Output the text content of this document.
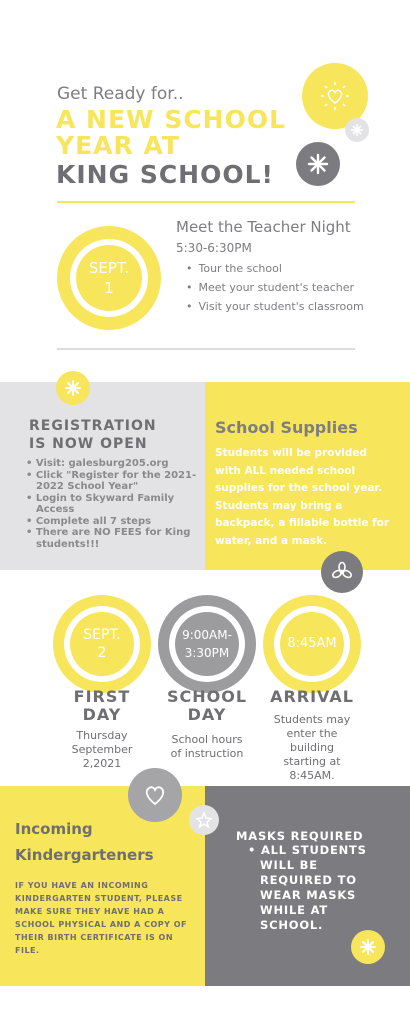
Get Ready for..
A NEW SCHOOL
YEAR AT
KING SCHOOL!
SEPT.
1
Meet the Teacher Night
5:30-6:30PM
• Tour the school
• Meet your student's teacher
• Visit your student's classroom
REGISTRATION
IS NOW OPEN
• Visit: galesburg205.org
• Click "Register for the 2021-2022 School Year"
• Login to Skyward Family Access
• Complete all 7 steps
• There are NO FEES for King students!!!
School Supplies
Students will be provided with ALL needed school supplies for the school year. Students may bring a backpack, a fillable bottle for water, and a mask.
SEPT.
2
9:00AM-
3:30PM
8:45AM
FIRST
DAY
Thursday
September
2,2021
SCHOOL
DAY
School hours
of instruction
ARRIVAL
Students may
enter the
building
starting at
8:45AM.
Incoming
Kindergarteners
IF YOU HAVE AN INCOMING KINDERGARTEN STUDENT, PLEASE MAKE SURE THEY HAVE HAD A SCHOOL PHYSICAL AND A COPY OF THEIR BIRTH CERTIFICATE IS ON FILE.
MASKS REQUIRED
• ALL STUDENTS WILL BE REQUIRED TO WEAR MASKS WHILE AT SCHOOL.
